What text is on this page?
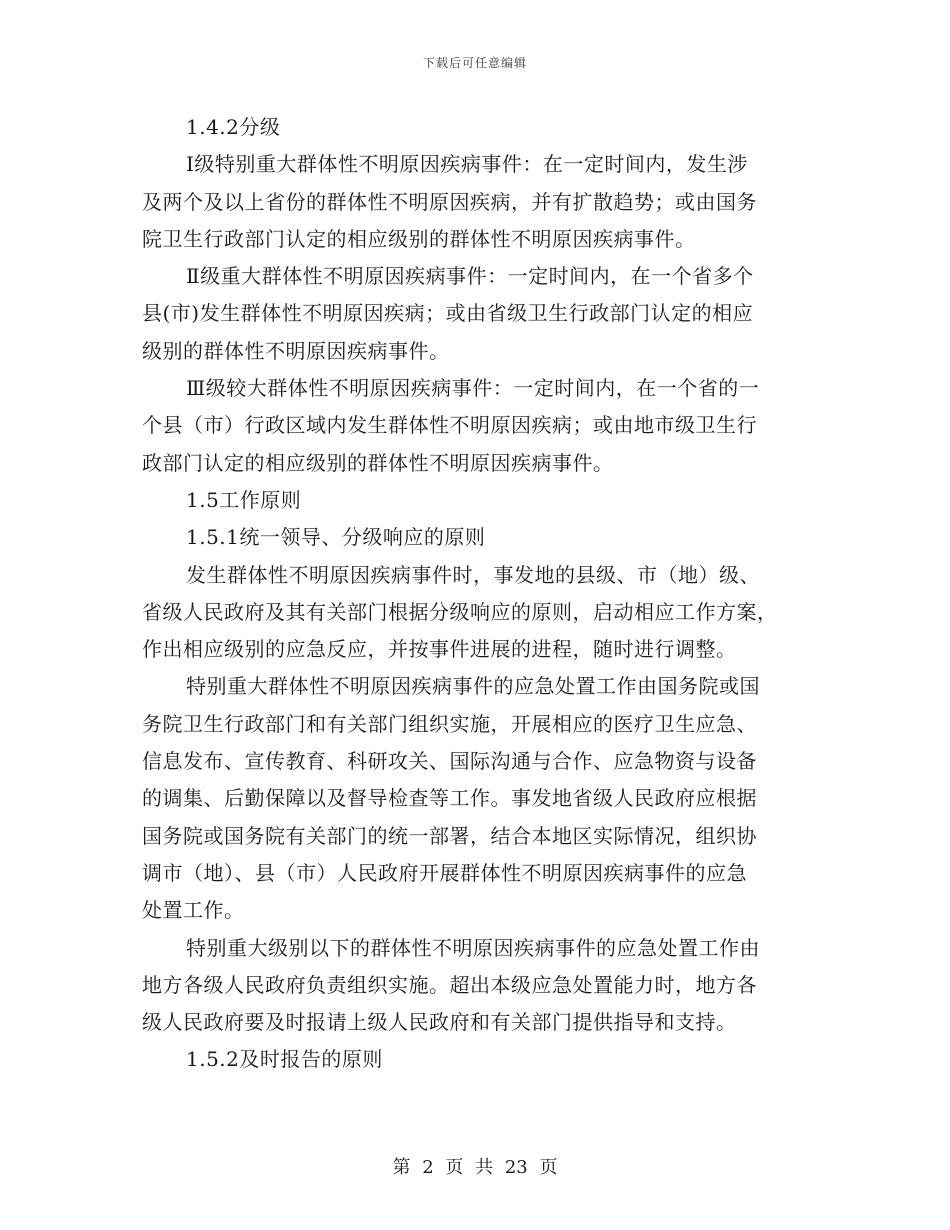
下载后可任意编辑
1.4.2分级
Ⅰ级特别重大群体性不明原因疾病事件：在一定时间内，发生涉
及两个及以上省份的群体性不明原因疾病，并有扩散趋势；或由国务
院卫生行政部门认定的相应级别的群体性不明原因疾病事件。
Ⅱ级重大群体性不明原因疾病事件：一定时间内，在一个省多个
县(市)发生群体性不明原因疾病；或由省级卫生行政部门认定的相应
级别的群体性不明原因疾病事件。
Ⅲ级较大群体性不明原因疾病事件：一定时间内，在一个省的一
个县（市）行政区域内发生群体性不明原因疾病；或由地市级卫生行
政部门认定的相应级别的群体性不明原因疾病事件。
1.5工作原则
1.5.1统一领导、分级响应的原则
发生群体性不明原因疾病事件时，事发地的县级、市（地）级、
省级人民政府及其有关部门根据分级响应的原则，启动相应工作方案，
作出相应级别的应急反应，并按事件进展的进程，随时进行调整。
特别重大群体性不明原因疾病事件的应急处置工作由国务院或国
务院卫生行政部门和有关部门组织实施，开展相应的医疗卫生应急、
信息发布、宣传教育、科研攻关、国际沟通与合作、应急物资与设备
的调集、后勤保障以及督导检查等工作。事发地省级人民政府应根据
国务院或国务院有关部门的统一部署，结合本地区实际情况，组织协
调市（地）、县（市）人民政府开展群体性不明原因疾病事件的应急
处置工作。
特别重大级别以下的群体性不明原因疾病事件的应急处置工作由
地方各级人民政府负责组织实施。超出本级应急处置能力时，地方各
级人民政府要及时报请上级人民政府和有关部门提供指导和支持。
1.5.2及时报告的原则
第 2 页 共 23 页
